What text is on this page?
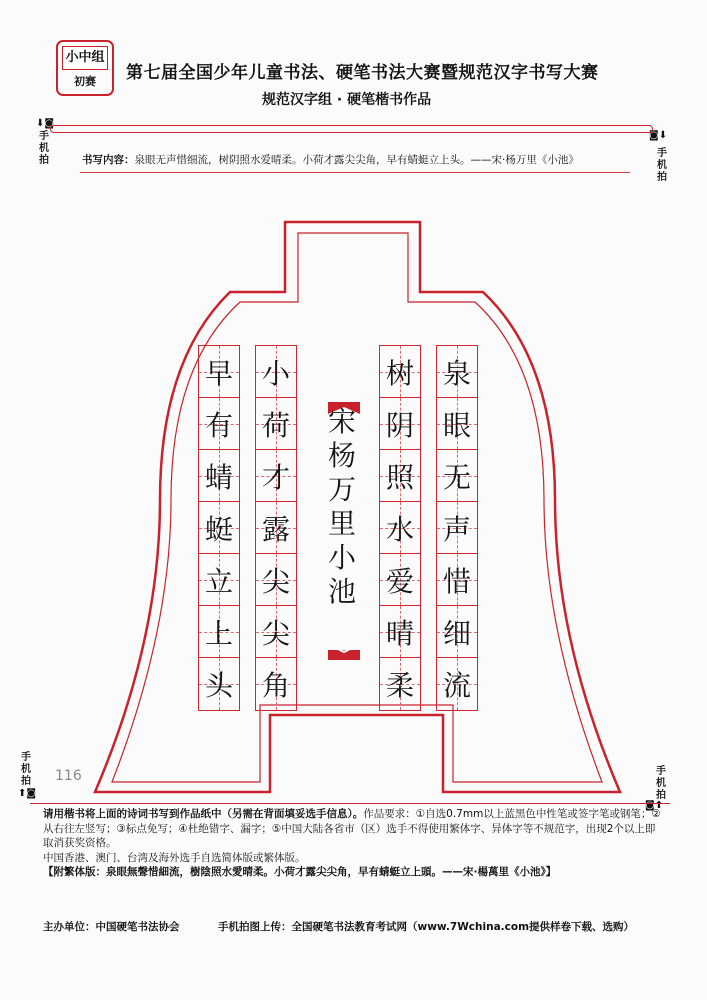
小中组
初赛	第七届全国少年儿童书法、硬笔书法大赛暨规范汉字书写大赛
规范汉字组 · 硬笔楷书作品
⬇◙
手机拍
◙⬇
手机拍
书写内容：泉眼无声惜细流，树阴照水爱晴柔。小荷才露尖尖角，早有蜻蜓立上头。——宋·杨万里《小池》
泉
眼
无
声
惜
细
流
树
阴
照
水
爱
晴
柔
小
荷
才
露
尖
尖
角
早
有
蜻
蜓
立
上
头
宋
杨
万
里
小
池
116
手机拍
⬆◙
手机拍
◙⬆
请用楷书将上面的诗词书写到作品纸中（另需在背面填妥选手信息）。作品要求：①自选0.7mm以上蓝黑色中性笔或签字笔或钢笔；②从右往左竖写；③标点免写；④杜绝错字、漏字；⑤中国大陆各省市（区）选手不得使用繁体字、异体字等不规范字，出现2个以上即取消获奖资格。
中国香港、澳门、台湾及海外选手自选简体版或繁体版。
【附繁体版：泉眼無聲惜細流，樹陰照水愛晴柔。小荷才露尖尖角，早有蜻蜓立上頭。——宋·楊萬里《小池》】
主办单位：中国硬笔书法协会	手机拍图上传：全国硬笔书法教育考试网（www.7Wchina.com提供样卷下载、选购）
